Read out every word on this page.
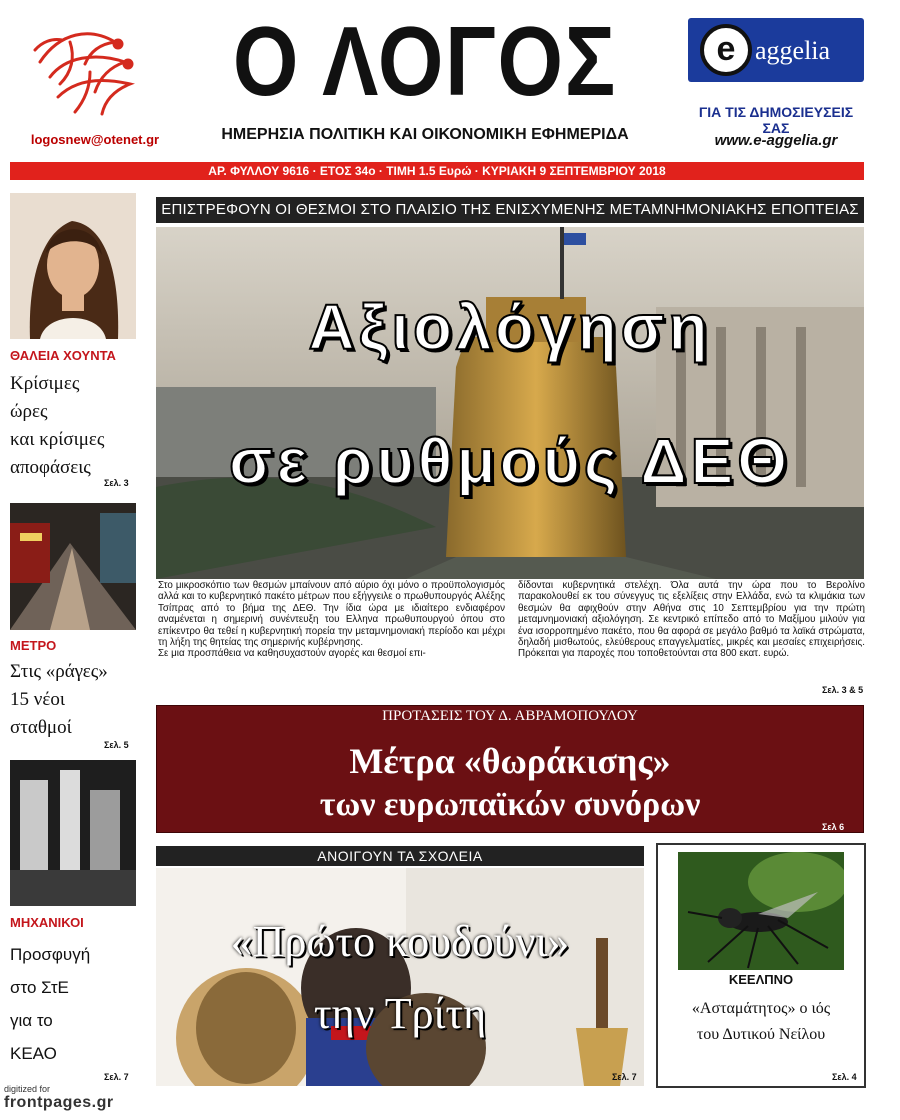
Ο ΛΟΓΟΣ
ΗΜΕΡΗΣΙΑ ΠΟΛΙΤΙΚΗ ΚΑΙ ΟΙΚΟΝΟΜΙΚΗ ΕΦΗΜΕΡΙΔΑ
logosnew@otenet.gr
e aggelia
ΓΙΑ ΤΙΣ ΔΗΜΟΣΙΕΥΣΕΙΣ ΣΑΣ
www.e-aggelia.gr
ΑΡ. ΦΥΛΛΟΥ 9616 · ΕΤΟΣ 34ο · ΤΙΜΗ 1.5 Ευρώ · ΚΥΡΙΑΚΗ 9 ΣΕΠΤΕΜΒΡΙΟΥ 2018
ΘΑΛΕΙΑ ΧΟΥΝΤΑ
Κρίσιμες
ώρες
και κρίσιμες
αποφάσεις
Σελ. 3
ΜΕΤΡΟ
Στις «ράγες»
15 νέοι
σταθμοί
Σελ. 5
ΜΗΧΑΝΙΚΟΙ
Προσφυγή
στο ΣτΕ
για το
ΚΕΑΟ
Σελ. 7
ΕΠΙΣΤΡΕΦΟΥΝ ΟΙ ΘΕΣΜΟΙ ΣΤΟ ΠΛΑΙΣΙΟ ΤΗΣ ΕΝΙΣΧΥΜΕΝΗΣ ΜΕΤΑΜΝΗΜΟΝΙΑΚΗΣ ΕΠΟΠΤΕΙΑΣ
Αξιολόγηση
σε ρυθμούς ΔΕΘ
Στο μικροσκόπιο των θεσμών μπαίνουν από αύριο όχι μόνο ο προϋπολογισμός αλλά και το κυβερνητικό πακέτο μέτρων που εξήγγειλε ο πρωθυπουργός Αλέξης Τσίπρας από το βήμα της ΔΕΘ. Την ίδια ώρα με ιδιαίτερο ενδιαφέρον αναμένεται η σημερινή συνέντευξη του Ελληνα πρωθυπουργού όπου στο επίκεντρο θα τεθεί η κυβερνητική πορεία την μεταμνημονιακή περίοδο και μέχρι τη λήξη της θητείας της σημερινής κυβέρνησης.
Σε μια προσπάθεια να καθησυχαστούν αγορές και θεσμοί επι-
δίδονται κυβερνητικά στελέχη. Όλα αυτά την ώρα που το Βερολίνο παρακολουθεί εκ του σύνεγγυς τις εξελίξεις στην Ελλάδα, ενώ τα κλιμάκια των θεσμών θα αφιχθούν στην Αθήνα στις 10 Σεπτεμβρίου για την πρώτη μεταμνημονιακή αξιολόγηση. Σε κεντρικό επίπεδο από το Μαξίμου μιλούν για ένα ισορροπημένο πακέτο, που θα αφορά σε μεγάλο βαθμό τα λαϊκά στρώματα, δηλαδή μισθωτούς, ελεύθερους επαγγελματίες, μικρές και μεσαίες επιχειρήσεις. Πρόκειται για παροχές που τοποθετούνται στα 800 εκατ. ευρώ.
Σελ. 3 & 5
ΠΡΟΤΑΣΕΙΣ ΤΟΥ Δ. ΑΒΡΑΜΟΠΟΥΛΟΥ
Μέτρα «θωράκισης»
των ευρωπαϊκών συνόρων
Σελ 6
ΑΝΟΙΓΟΥΝ ΤΑ ΣΧΟΛΕΙΑ
«Πρώτο κουδούνι»
την Τρίτη
Σελ. 7
ΚΕΕΛΠΝΟ
«Ασταμάτητος» ο ιός
του Δυτικού Νείλου
Σελ. 4
digitized for
frontpages.gr
